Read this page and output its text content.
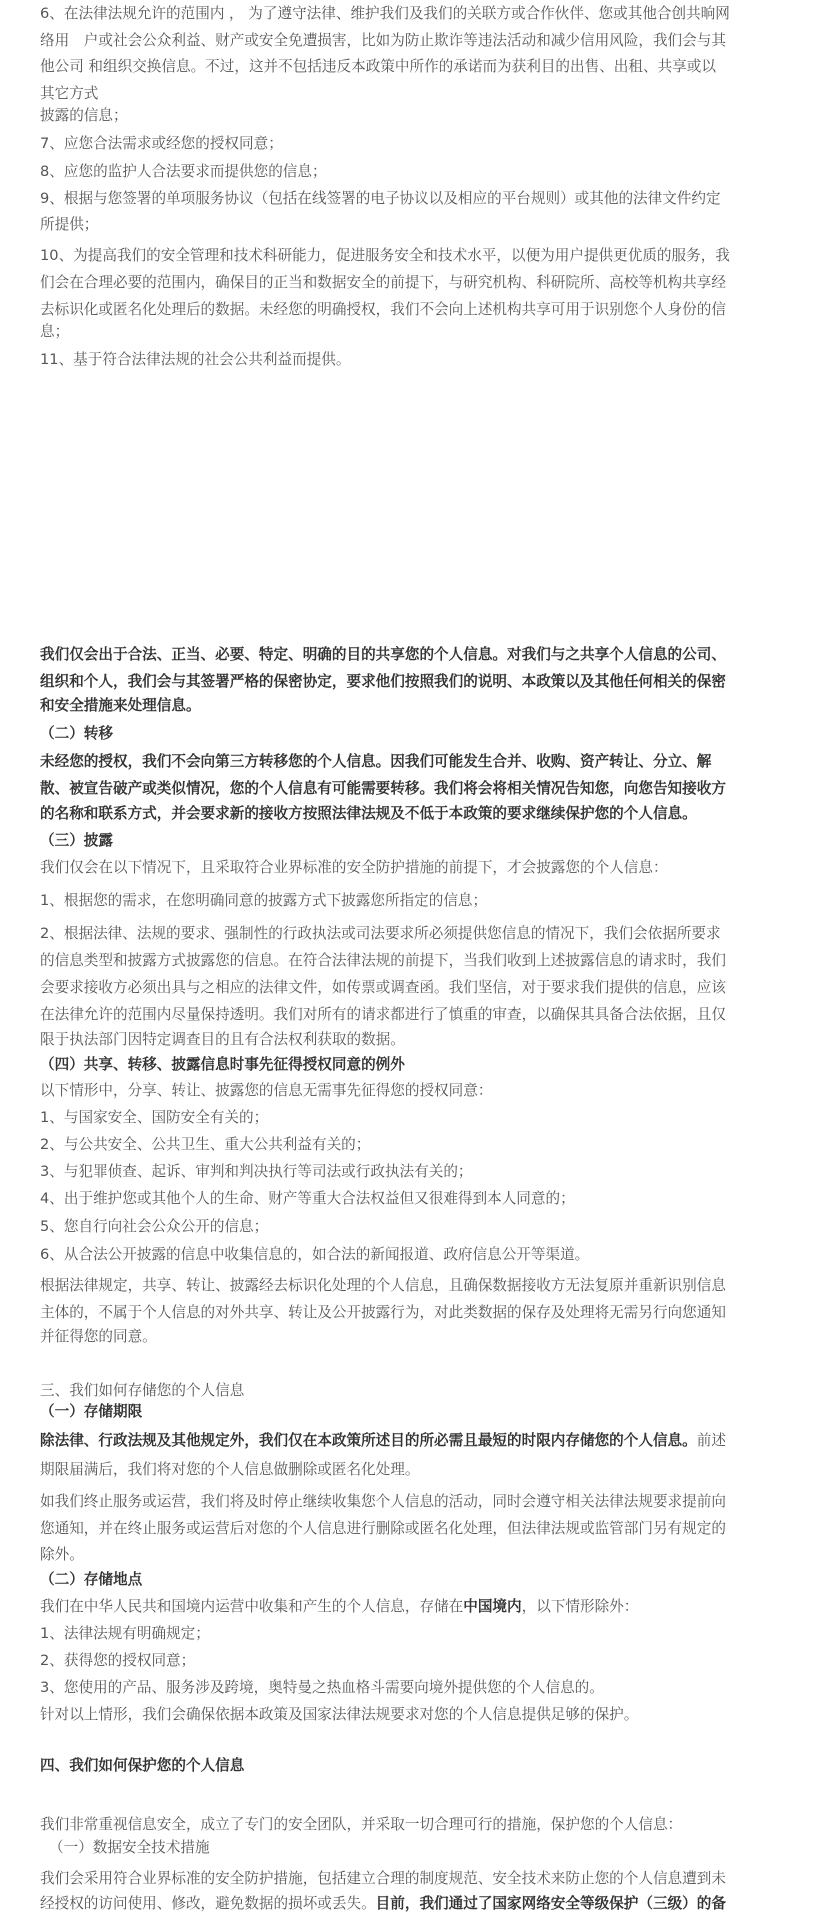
6、在法律法规允许的范围内 ， 为了遵守法律、维护我们及我们的关联方或合作伙伴、您或其他合创共晌网
络用　户或社会公众利益、财产或安全免遭损害，比如为防止欺诈等违法活动和减少信用风险，我们会与其
他公司 和组织交换信息。不过，这并不包括违反本政策中所作的承诺而为获利目的出售、出租、共享或以
其它方式
披露的信息；
7、应您合法需求或经您的授权同意；
8、应您的监护人合法要求而提供您的信息；
9、根据与您签署的单项服务协议（包括在线签署的电子协议以及相应的平台规则）或其他的法律文件约定
所提供；
10、为提高我们的安全管理和技术科研能力，促进服务安全和技术水平，以便为用户提供更优质的服务，我
们会在合理必要的范围内，确保目的正当和数据安全的前提下，与研究机构、科研院所、高校等机构共享经
去标识化或匿名化处理后的数据。未经您的明确授权，我们不会向上述机构共享可用于识别您个人身份的信
息；
11、基于符合法律法规的社会公共利益而提供。
我们仅会出于合法、正当、必要、特定、明确的目的共享您的个人信息。对我们与之共享个人信息的公司、
组织和个人，我们会与其签署严格的保密协定，要求他们按照我们的说明、本政策以及其他任何相关的保密
和安全措施来处理信息。
（二）转移
未经您的授权，我们不会向第三方转移您的个人信息。因我们可能发生合并、收购、资产转让、分立、解
散、被宣告破产或类似情况，您的个人信息有可能需要转移。我们将会将相关情况告知您，向您告知接收方
的名称和联系方式，并会要求新的接收方按照法律法规及不低于本政策的要求继续保护您的个人信息。
（三）披露
我们仅会在以下情况下，且采取符合业界标准的安全防护措施的前提下，才会披露您的个人信息：
1、根据您的需求，在您明确同意的披露方式下披露您所指定的信息；
2、根据法律、法规的要求、强制性的行政执法或司法要求所必须提供您信息的情况下，我们会依据所要求
的信息类型和披露方式披露您的信息。在符合法律法规的前提下，当我们收到上述披露信息的请求时，我们
会要求接收方必须出具与之相应的法律文件，如传票或调查函。我们坚信，对于要求我们提供的信息，应该
在法律允许的范围内尽量保持透明。我们对所有的请求都进行了慎重的审查，以确保其具备合法依据，且仅
限于执法部门因特定调查目的且有合法权利获取的数据。
（四）共享、转移、披露信息时事先征得授权同意的例外
以下情形中，分享、转让、披露您的信息无需事先征得您的授权同意：
1、与国家安全、国防安全有关的；
2、与公共安全、公共卫生、重大公共利益有关的；
3、与犯罪侦查、起诉、审判和判决执行等司法或行政执法有关的；
4、出于维护您或其他个人的生命、财产等重大合法权益但又很难得到本人同意的；
5、您自行向社会公众公开的信息；
6、从合法公开披露的信息中收集信息的，如合法的新闻报道、政府信息公开等渠道。
根据法律规定，共享、转让、披露经去标识化处理的个人信息，且确保数据接收方无法复原并重新识别信息
主体的，不属于个人信息的对外共享、转让及公开披露行为，对此类数据的保存及处理将无需另行向您通知
并征得您的同意。
三、我们如何存储您的个人信息
（一）存储期限
除法律、行政法规及其他规定外，我们仅在本政策所述目的所必需且最短的时限内存储您的个人信息。前述
期限届满后，我们将对您的个人信息做删除或匿名化处理。
如我们终止服务或运营，我们将及时停止继续收集您个人信息的活动，同时会遵守相关法律法规要求提前向
您通知，并在终止服务或运营后对您的个人信息进行删除或匿名化处理，但法律法规或监管部门另有规定的
除外。
（二）存储地点
我们在中华人民共和国境内运营中收集和产生的个人信息，存储在中国境内，以下情形除外：
1、法律法规有明确规定；
2、获得您的授权同意；
3、您使用的产品、服务涉及跨境，奥特曼之热血格斗需要向境外提供您的个人信息的。
针对以上情形，我们会确保依据本政策及国家法律法规要求对您的个人信息提供足够的保护。
四、我们如何保护您的个人信息
我们非常重视信息安全，成立了专门的安全团队，并采取一切合理可行的措施，保护您的个人信息：
（一）数据安全技术措施
我们会采用符合业界标准的安全防护措施，包括建立合理的制度规范、安全技术来防止您的个人信息遭到未
经授权的访问使用、修改，避免数据的损坏或丢失。目前，我们通过了国家网络安全等级保护（三级）的备
